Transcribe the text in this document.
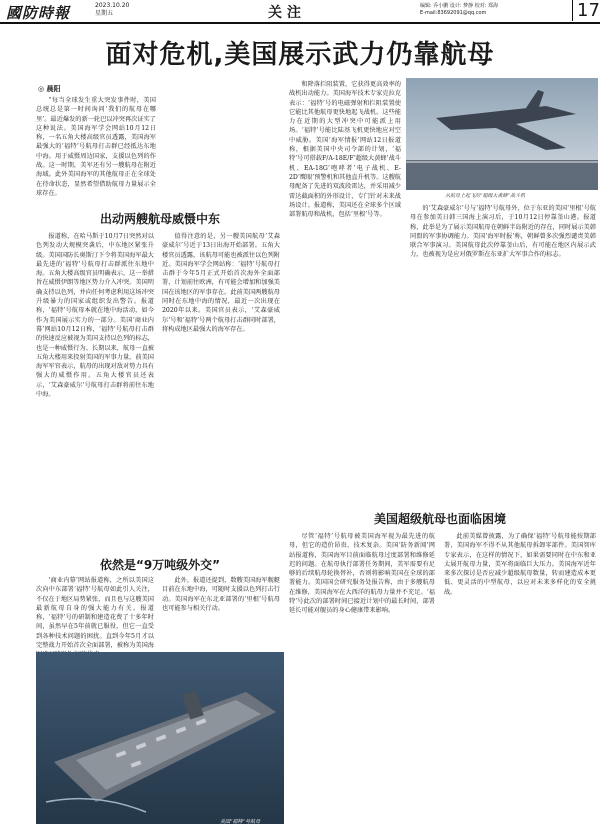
國防時報	2023.10.20
星期五	关 注	编辑: 乔小鹏 设计: 梦静 校对: 郑海
E-mail:83692091@qq.com	17
面对危机,美国展示武力仍靠航母
◎ 晨阳
从航母上起飞的“超级大黄蜂”战斗机

“每当全球发生重大突发事件时，美国总统总是第一时间询问‘我们的航母在哪里’。最近爆发的新一轮巴以冲突再次证实了这种说法。美国海军学会网站10月12日称，一名五角大楼高级官员透露，美国海军最强大的‘福特’号航母打击群已经抵达东地中海。用于威慑周边国家，支援以色列的作战。这一时期，美军还有另一艘航母在附近海域。此外美国海军的其他航母正在全球处在待命状态，显然希望借助航母力量展示全球存在。

出动两艘航母威慑中东

报道称，在哈马斯于10月7日突然对以色列发动大规模突袭后，中东地区紧张升级。美国国防长奥斯汀下令将美国海军最大最先进的‘福特’号航母打击群派往东地中海。五角大楼高级官员明确表示，这一举措旨在威慑伊朗等地区势力介入冲突。美国明确支持以色列，并向任何考虑利用这场冲突升级暴力的国家或组织发出警告。报道称，‘福特’号航母本就在地中海活动，如今作为美国展示实力的一部分。美国‘商业内幕’网站10月12日称，‘福特’号航母打击群的快速反应被视为美国支持以色列的标志，也是一种威慑行为。长期以来，航母一直被五角大楼用来投射美国的军事力量。前美国海军军官表示，航母的出现对敌对势力具有强大的威慑作用。五角大楼官员还表示，‘艾森豪威尔’号航母打击群将前往东地中海。

值得注意的是，另一艘美国航母‘艾森豪威尔’号近于13日出海开始部署。五角大楼官员透露，该航母可能也被派往以色列附近。美国海军学会网站称：‘福特’号航母打击群于今年5月正式开始首次海外全面部署，计划前往欧洲，有可能会增加和加强美国在该地区的军事存在。此前美国两艘航母同时在东地中海的情况，最近一次出现在2020年以来。美国官员表示，‘艾森豪威尔’号和‘福特’号两个航母打击群同时部署，将构成地区最强大的海军存在。

和降落拦阻装置，它获得更高效率的战机出动能力。美国海军技术专家克拉克表示：‘福特’号的电磁弹射和拦阻装置使它能比其他航母更快地起飞战机。这些能力在近期的大型冲突中可能派上用场。‘福特’号能比陆基飞机更快地应对空中威胁。美国‘海军情报’网站12日报道称，根据美国中央司令部的计划，‘福特’号可搭载F/A-18E/F‘超级大黄蜂’战斗机、EA-18G‘咆哮者’电子战机、E-2D‘鹰眼’预警机和其他直升机等。这艘航母配备了先进的双波段雷达，并采用减少雷达截面积的外形设计，专门针对未来战场设计。报道称，美国还在全球多个区域部署航母和战机，包括‘里根’号等。

的‘艾森豪威尔’号与‘福特’号航母外，位于东亚的美国‘里根’号航母在参加美日韩三国海上演习后，于10月12日停靠釜山港。报道称，此举是为了展示美国航母在朝鲜半岛附近的存在，同时展示美韩同盟的军事协调能力。美国‘海军时报’称，朝鲜曾多次强烈谴责美韩联合军事演习。美国航母此次停靠釜山后，有可能在地区内展示武力，也被视为是应对俄罗斯在东亚扩大军事合作的标志。

依然是“9万吨级外交”

‘商业内幕’网站报道称，之所以美国这次向中东部署‘福特’号航母如此引人关注，不仅在于地区局势紧张，而且也与这艘美国最新航母自身的强大能力有关。报道称，‘福特’号的研制和建造花费了十多年时间，虽然早在5年前就已服役，但它一直受到各种技术问题的困扰。直到今年5月才以完整战力开始首次全面部署，被称为美国海

此外，报道还提到，数艘美国海军舰艇目前在东地中海，可随时支援以色列打击行动。美国海军在东北亚部署的‘里根’号航母也可能参与相关行动。

美国超级航母也面临困境

尽管‘福特’号航母被美国海军视为最先进的航母，但它的造价昂贵、技术复杂。美国‘防务新闻’网站报道称，美国海军目前面临航母过度部署和维修延迟的问题。在航母执行部署任务期间，美军需要有足够的后续航母轮换替补，否则将影响美国在全球的部署能力。美国国会研究服务处报告称，由于多艘航母在维修，美国海军在大西洋的航母力量并不充足。‘福特’号此次的部署时间已接近计划中的最长时间，部署延长可能对舰员的身心健康带来影响。

此前美媒曾披露，为了确保‘福特’号航母能按期部署，美国海军不得不从其他航母拆卸零部件。美国智库专家表示，在这样的情况下，如果需要同时在中东和亚太展开航母力量，美军将面临巨大压力。美国海军近年来多次探讨是否应减少超级航母数量，转而建造成本更低、更灵活的中型航母，以应对未来多样化的安全挑战。

美国“福特”号航母
